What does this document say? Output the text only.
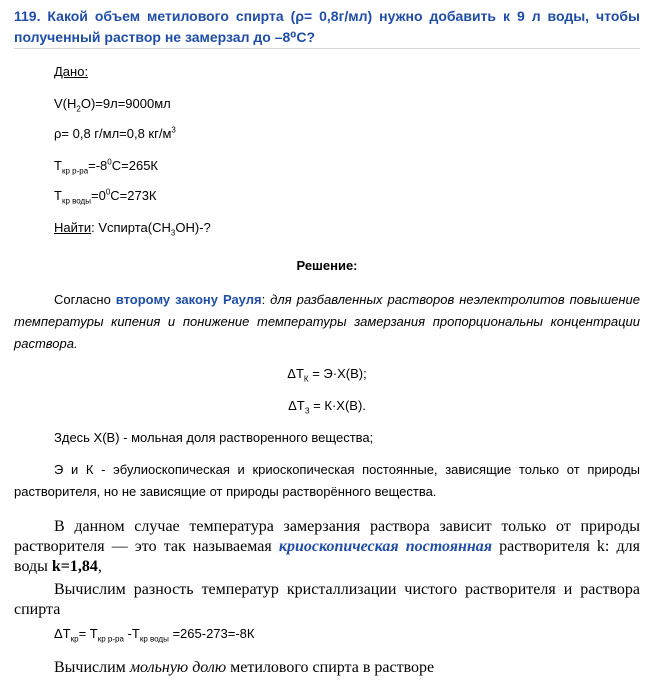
119. Какой объем метилового спирта (ρ= 0,8г/мл) нужно добавить к 9 л воды, чтобы полученный раствор не замерзал до –8⁰С?
Дано:
$V(H_2O)=9л=9000мл$
ρ= 0,8 г/мл=0,8 $кг/м^3$
$T_{кр р-ра}=-8^0С=265К$
$T_{кр воды}=0^0С=273К$
Найти: $Vспирта(CH_3OH)-$?
Решение:
Согласно второму закону Рауля: для разбавленных растворов неэлектролитов повышение температуры кипения и понижение температуры замерзания пропорциональны концентрации раствора.
$\Delta T_К = Э\cdot X(B)$;
$\Delta T_З = К\cdot X(B)$.
Здесь X(B) - мольная доля растворенного вещества;
Э и К - эбулиоскопическая и криоскопическая постоянные, зависящие только от природы растворителя, но не зависящие от природы растворённого вещества.
В данном случае температура замерзания раствора зависит только от природы растворителя — это так называемая криоскопическая постоянная растворителя k: для воды k=1,84,
Вычислим разность температур кристаллизации чистого растворителя и раствора спирта
$\Delta T_{кр}= T_{кр р-ра}$ $-T_{кр воды} =265-273=-8К$
Вычислим мольную долю метилового спирта в растворе
